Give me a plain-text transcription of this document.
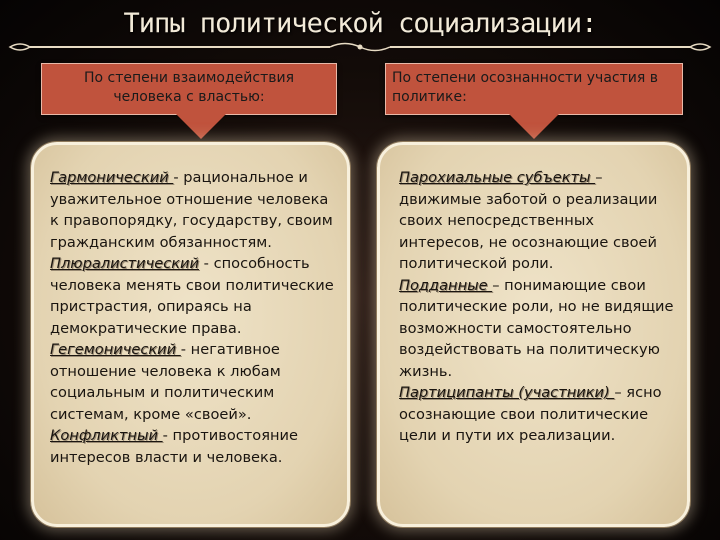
Типы политической социализации:
По степени взаимодействия
человека с властью:
По степени осознанности участия в
политике:
Гармонический - рациональное и уважительное отношение человека к правопорядку, государству, своим гражданским обязанностям.
Плюралистический - способность человека менять свои политические пристрастия, опираясь на демократические права.
Гегемонический - негативное отношение человека к любам социальным и политическим системам, кроме «своей».
Конфликтный - противостояние интересов власти и человека.
Парохиальные субъекты – движимые заботой о реализации своих непосредственных интересов, не осознающие своей политической роли.
Подданные – понимающие свои политические роли, но не видящие возможности самостоятельно воздействовать на политическую жизнь.
Партиципанты (участники) – ясно осознающие свои политические цели и пути их реализации.
